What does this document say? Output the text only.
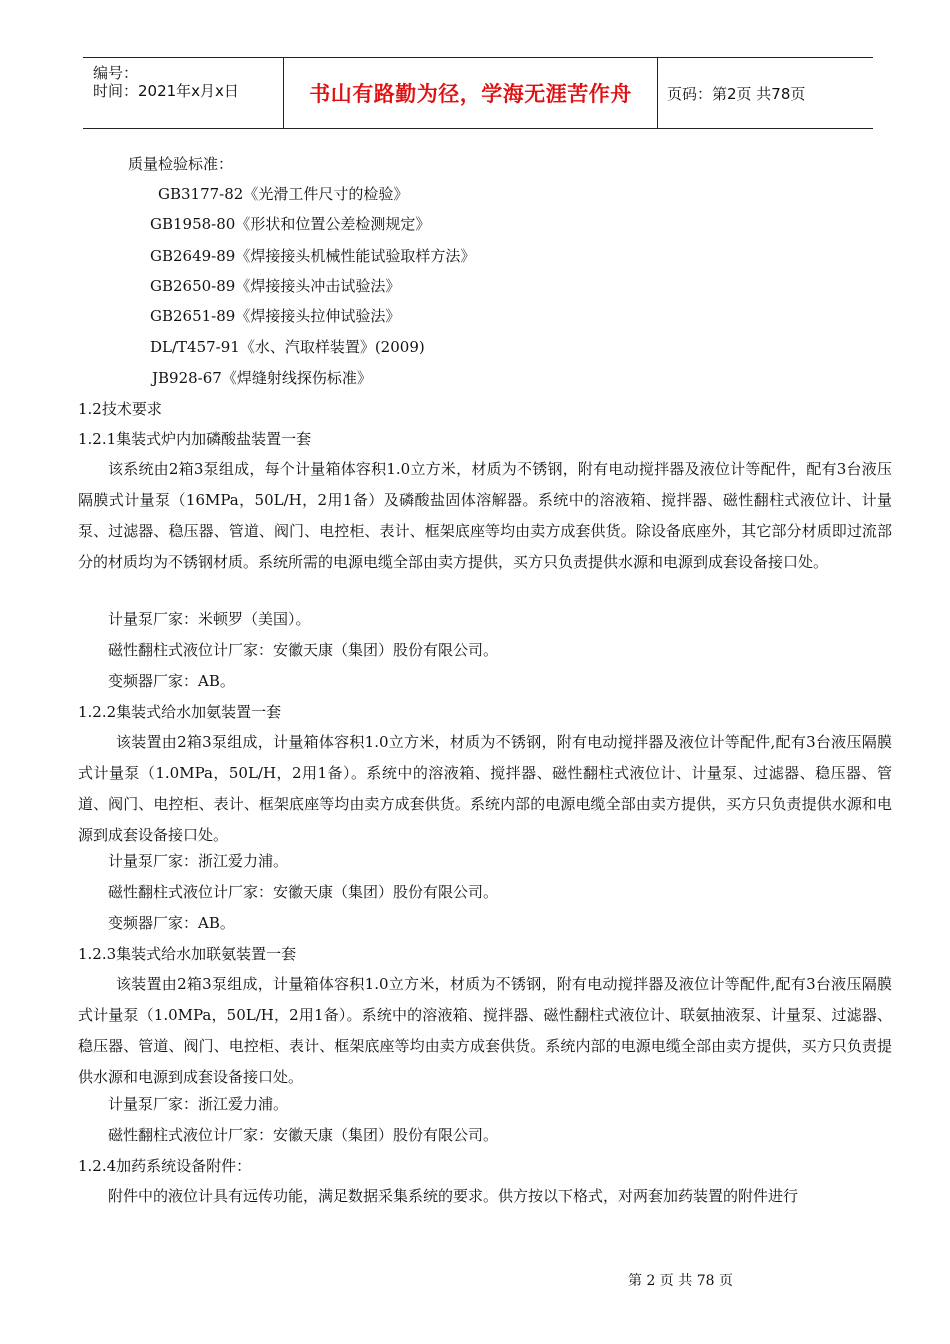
编号：
时间：2021年x月x日	书山有路勤为径，学海无涯苦作舟	页码：第2页 共78页
质量检验标准：
GB3177-82《光滑工件尺寸的检验》
GB1958-80《形状和位置公差检测规定》
GB2649-89《焊接接头机械性能试验取样方法》
GB2650-89《焊接接头冲击试验法》
GB2651-89《焊接接头拉伸试验法》
DL/T457-91《水、汽取样装置》(2009)
JB928-67《焊缝射线探伤标准》
1.2技术要求
1.2.1集装式炉内加磷酸盐装置一套
该系统由2箱3泵组成，每个计量箱体容积1.0立方米，材质为不锈钢，附有电动搅拌器及液位计等配件，配有3台液压隔膜式计量泵（16MPa，50L/H，2用1备）及磷酸盐固体溶解器。系统中的溶液箱、搅拌器、磁性翻柱式液位计、计量泵、过滤器、稳压器、管道、阀门、电控柜、表计、框架底座等均由卖方成套供货。除设备底座外，其它部分材质即过流部分的材质均为不锈钢材质。系统所需的电源电缆全部由卖方提供，买方只负责提供水源和电源到成套设备接口处。
计量泵厂家：米顿罗（美国）。
磁性翻柱式液位计厂家：安徽天康（集团）股份有限公司。
变频器厂家：AB。
1.2.2集装式给水加氨装置一套
该装置由2箱3泵组成，计量箱体容积1.0立方米，材质为不锈钢，附有电动搅拌器及液位计等配件,配有3台液压隔膜式计量泵（1.0MPa，50L/H，2用1备）。系统中的溶液箱、搅拌器、磁性翻柱式液位计、计量泵、过滤器、稳压器、管道、阀门、电控柜、表计、框架底座等均由卖方成套供货。系统内部的电源电缆全部由卖方提供，买方只负责提供水源和电源到成套设备接口处。
计量泵厂家：浙江爱力浦。
磁性翻柱式液位计厂家：安徽天康（集团）股份有限公司。
变频器厂家：AB。
1.2.3集装式给水加联氨装置一套
该装置由2箱3泵组成，计量箱体容积1.0立方米，材质为不锈钢，附有电动搅拌器及液位计等配件,配有3台液压隔膜式计量泵（1.0MPa，50L/H，2用1备）。系统中的溶液箱、搅拌器、磁性翻柱式液位计、联氨抽液泵、计量泵、过滤器、稳压器、管道、阀门、电控柜、表计、框架底座等均由卖方成套供货。系统内部的电源电缆全部由卖方提供，买方只负责提供水源和电源到成套设备接口处。
计量泵厂家：浙江爱力浦。
磁性翻柱式液位计厂家：安徽天康（集团）股份有限公司。
1.2.4加药系统设备附件：
附件中的液位计具有远传功能，满足数据采集系统的要求。供方按以下格式，对两套加药装置的附件进行
第 2 页 共 78 页
